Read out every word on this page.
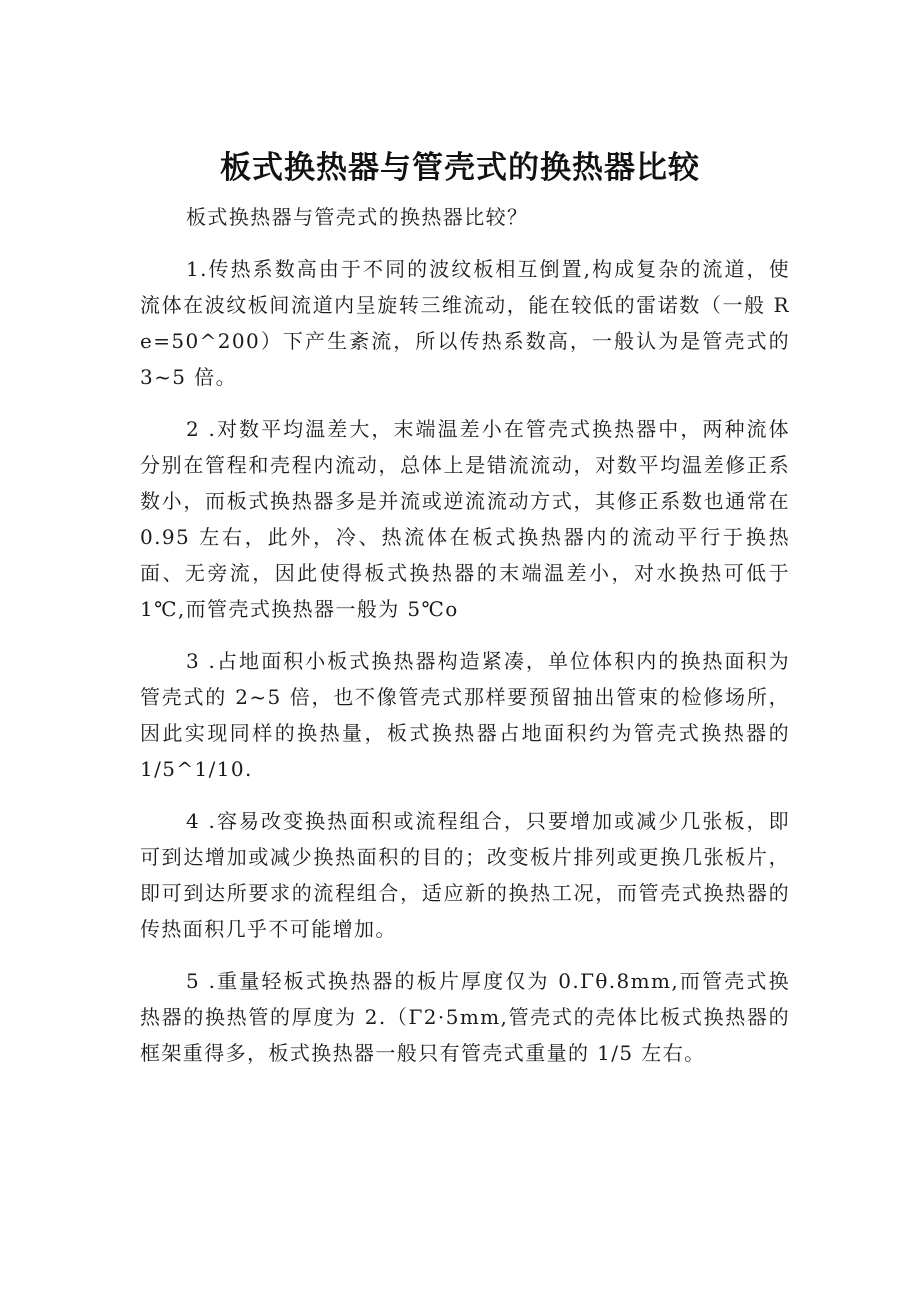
板式换热器与管壳式的换热器比较

板式换热器与管壳式的换热器比较？

1.传热系数高由于不同的波纹板相互倒置,构成复杂的流道，使流体在波纹板间流道内呈旋转三维流动，能在较低的雷诺数（一般 Re=50^200）下产生紊流，所以传热系数高，一般认为是管壳式的 3~5 倍。

2 .对数平均温差大，末端温差小在管壳式换热器中，两种流体分别在管程和壳程内流动，总体上是错流流动，对数平均温差修正系数小，而板式换热器多是并流或逆流流动方式，其修正系数也通常在 0.95 左右，此外，冷、热流体在板式换热器内的流动平行于换热面、无旁流，因此使得板式换热器的末端温差小，对水换热可低于 1℃,而管壳式换热器一般为 5℃o

3 .占地面积小板式换热器构造紧凑，单位体积内的换热面积为管壳式的 2~5 倍，也不像管壳式那样要预留抽出管束的检修场所，因此实现同样的换热量，板式换热器占地面积约为管壳式换热器的 1/5^1/10.

4 .容易改变换热面积或流程组合，只要增加或减少几张板，即可到达增加或减少换热面积的目的；改变板片排列或更换几张板片，即可到达所要求的流程组合，适应新的换热工况，而管壳式换热器的传热面积几乎不可能增加。

5 .重量轻板式换热器的板片厚度仅为 0.Γθ.8mm,而管壳式换热器的换热管的厚度为 2.（Γ2·5mm,管壳式的壳体比板式换热器的框架重得多，板式换热器一般只有管壳式重量的 1/5 左右。
